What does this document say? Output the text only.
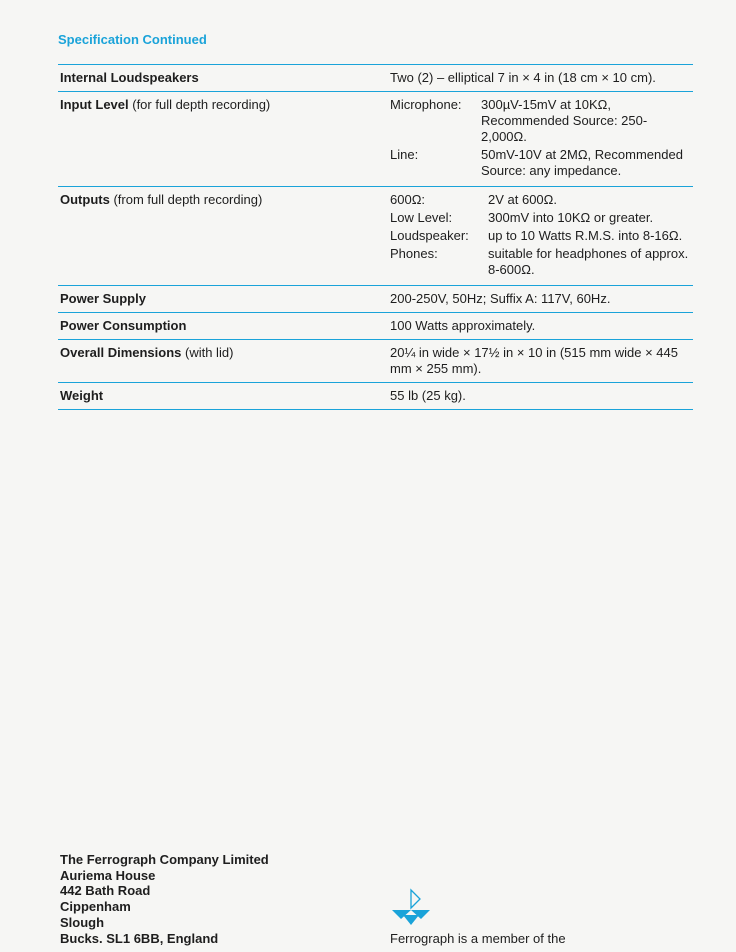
Specification Continued
Internal Loudspeakers	Two (2) – elliptical 7 in × 4 in (18 cm × 10 cm).
Input Level (for full depth recording)	Microphone:	300µV-15mV at 10KΩ, Recommended Source: 250-2,000Ω.
Line:	50mV-10V at 2MΩ, Recommended Source: any impedance.
Outputs (from full depth recording)	600Ω:	2V at 600Ω.
Low Level:	300mV into 10KΩ or greater.
Loudspeaker:	up to 10 Watts R.M.S. into 8-16Ω.
Phones:	suitable for headphones of approx. 8-600Ω.
Power Supply	200-250V, 50Hz; Suffix A: 117V, 60Hz.
Power Consumption	100 Watts approximately.
Overall Dimensions (with lid)	20¼ in wide × 17½ in × 10 in (515 mm wide × 445 mm × 255 mm).
Weight	55 lb (25 kg).
The Ferrograph Company Limited
Auriema House
442 Bath Road
Cippenham
Slough
Bucks. SL1 6BB, England	Ferrograph is a member of the
